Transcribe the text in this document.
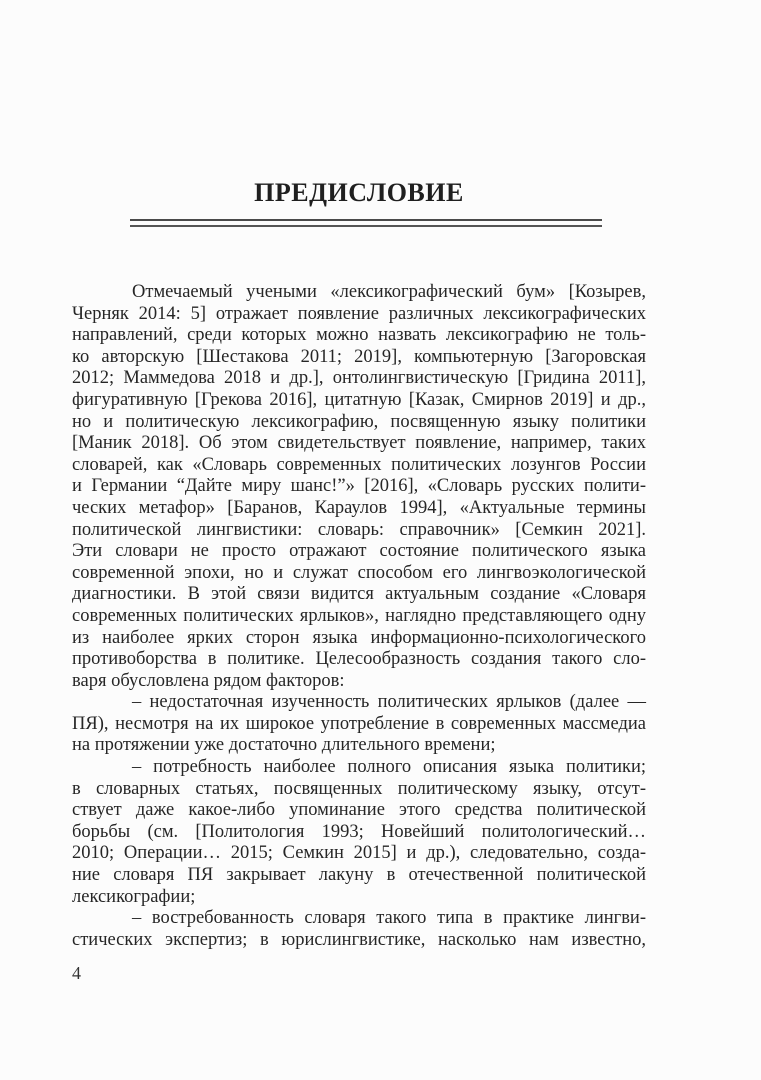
ПРЕДИСЛОВИЕ
Отмечаемый учеными «лексикографический бум» [Козырев,
Черняк 2014: 5] отражает появление различных лексикографических
направлений, среди которых можно назвать лексикографию не толь-
ко авторскую [Шестакова 2011; 2019], компьютерную [Загоровская
2012; Маммедова 2018 и др.], онтолингвистическую [Гридина 2011],
фигуративную [Грекова 2016], цитатную [Казак, Смирнов 2019] и др.,
но и политическую лексикографию, посвященную языку политики
[Маник 2018]. Об этом свидетельствует появление, например, таких
словарей, как «Словарь современных политических лозунгов России
и Германии “Дайте миру шанс!”» [2016], «Словарь русских полити-
ческих метафор» [Баранов, Караулов 1994], «Актуальные термины
политической лингвистики: словарь: справочник» [Семкин 2021].
Эти словари не просто отражают состояние политического языка
современной эпохи, но и служат способом его лингвоэкологической
диагностики. В этой связи видится актуальным создание «Словаря
современных политических ярлыков», наглядно представляющего одну
из наиболее ярких сторон языка информационно-психологического
противоборства в политике. Целесообразность создания такого сло-
варя обусловлена рядом факторов:
– недостаточная изученность политических ярлыков (далее —
ПЯ), несмотря на их широкое употребление в современных массмедиа
на протяжении уже достаточно длительного времени;
– потребность наиболее полного описания языка политики;
в словарных статьях, посвященных политическому языку, отсут-
ствует даже какое-либо упоминание этого средства политической
борьбы (см. [Политология 1993; Новейший политологический…
2010; Операции… 2015; Семкин 2015] и др.), следовательно, созда-
ние словаря ПЯ закрывает лакуну в отечественной политической
лексикографии;
– востребованность словаря такого типа в практике лингви-
стических экспертиз; в юрислингвистике, насколько нам известно,
4
